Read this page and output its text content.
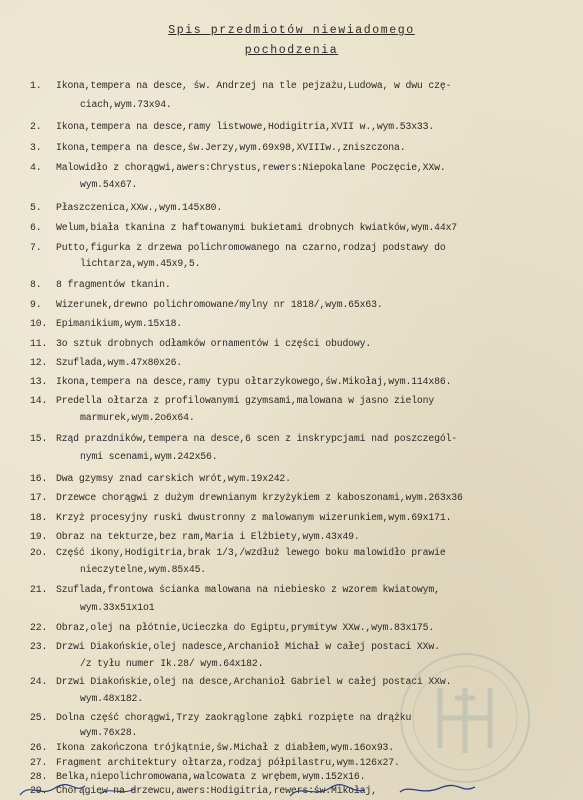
Spis przedmiotów niewiadomego
pochodzenia
1. Ikona,tempera na desce, św. Andrzej na tle pejzażu,Ludowa, w dwu czę-
ciach,wym.73x94.
2. Ikona,tempera na desce,ramy listwowe,Hodigitria,XVII w.,wym.53x33.
3. Ikona,tempera na desce,św.Jerzy,wym.69x98,XVIIIw.,zniszczona.
4. Malowidło z chorągwi,awers:Chrystus,rewers:Niepokalane Poczęcie,XXw.
wym.54x67.
5. Płaszczenica,XXw.,wym.145x80.
6. Welum,biała tkanina z haftowanymi bukietami drobnych kwiatków,wym.44x7
7. Putto,figurka z drzewa polichromowanego na czarno,rodzaj podstawy do
lichtarza,wym.45x9,5.
8. 8 fragmentów tkanin.
9. Wizerunek,drewno polichromowane/mylny nr 1818/,wym.65x63.
10. Epimanikium,wym.15x18.
11. 3o sztuk drobnych odłamków ornamentów i części obudowy.
12. Szuflada,wym.47x80x26.
13. Ikona,tempera na desce,ramy typu ołtarzykowego,św.Mikołaj,wym.114x86.
14. Predella ołtarza z profilowanymi gzymsami,malowana w jasno zielony
marmurek,wym.2o6x64.
15. Rząd prazdników,tempera na desce,6 scen z inskrypcjami nad poszczegól-
nymi scenami,wym.242x56.
16. Dwa gzymsy znad carskich wrót,wym.19x242.
17. Drzewce chorągwi z dużym drewnianym krzyżykiem z kaboszonami,wym.263x36
18. Krzyż procesyjny ruski dwustronny z malowanym wizerunkiem,wym.69x171.
19. Obraz na tekturze,bez ram,Maria i Elżbiety,wym.43x49.
2o. Część ikony,Hodigitria,brak 1/3,/wzdłuż lewego boku malowidło prawie
nieczytelne,wym.85x45.
21. Szuflada,frontowa ścianka malowana na niebiesko z wzorem kwiatowym,
wym.33x51x1o1
22. Obraz,olej na płótnie,Ucieczka do Egiptu,prymityw XXw.,wym.83x175.
23. Drzwi Diakońskie,olej nadesce,Archanioł Michał w całej postaci XXw.
/z tyłu numer Ik.28/ wym.64x182.
24. Drzwi Diakońskie,olej na desce,Archanioł Gabriel w całej postaci XXw.
wym.48x182.
25. Dolna część chorągwi,Trzy zaokrąglone ząbki rozpięte na drążku
wym.76x28.
26. Ikona zakończona trójkątnie,św.Michał z diabłem,wym.16ox93.
27. Fragment architektury ołtarza,rodzaj półpilastru,wym.126x27.
28. Belka,niepolichromowana,walcowata z wrębem,wym.152x16.
29. Chorągiew na drzewcu,awers:Hodigitria,rewers:św.Mikołaj,
